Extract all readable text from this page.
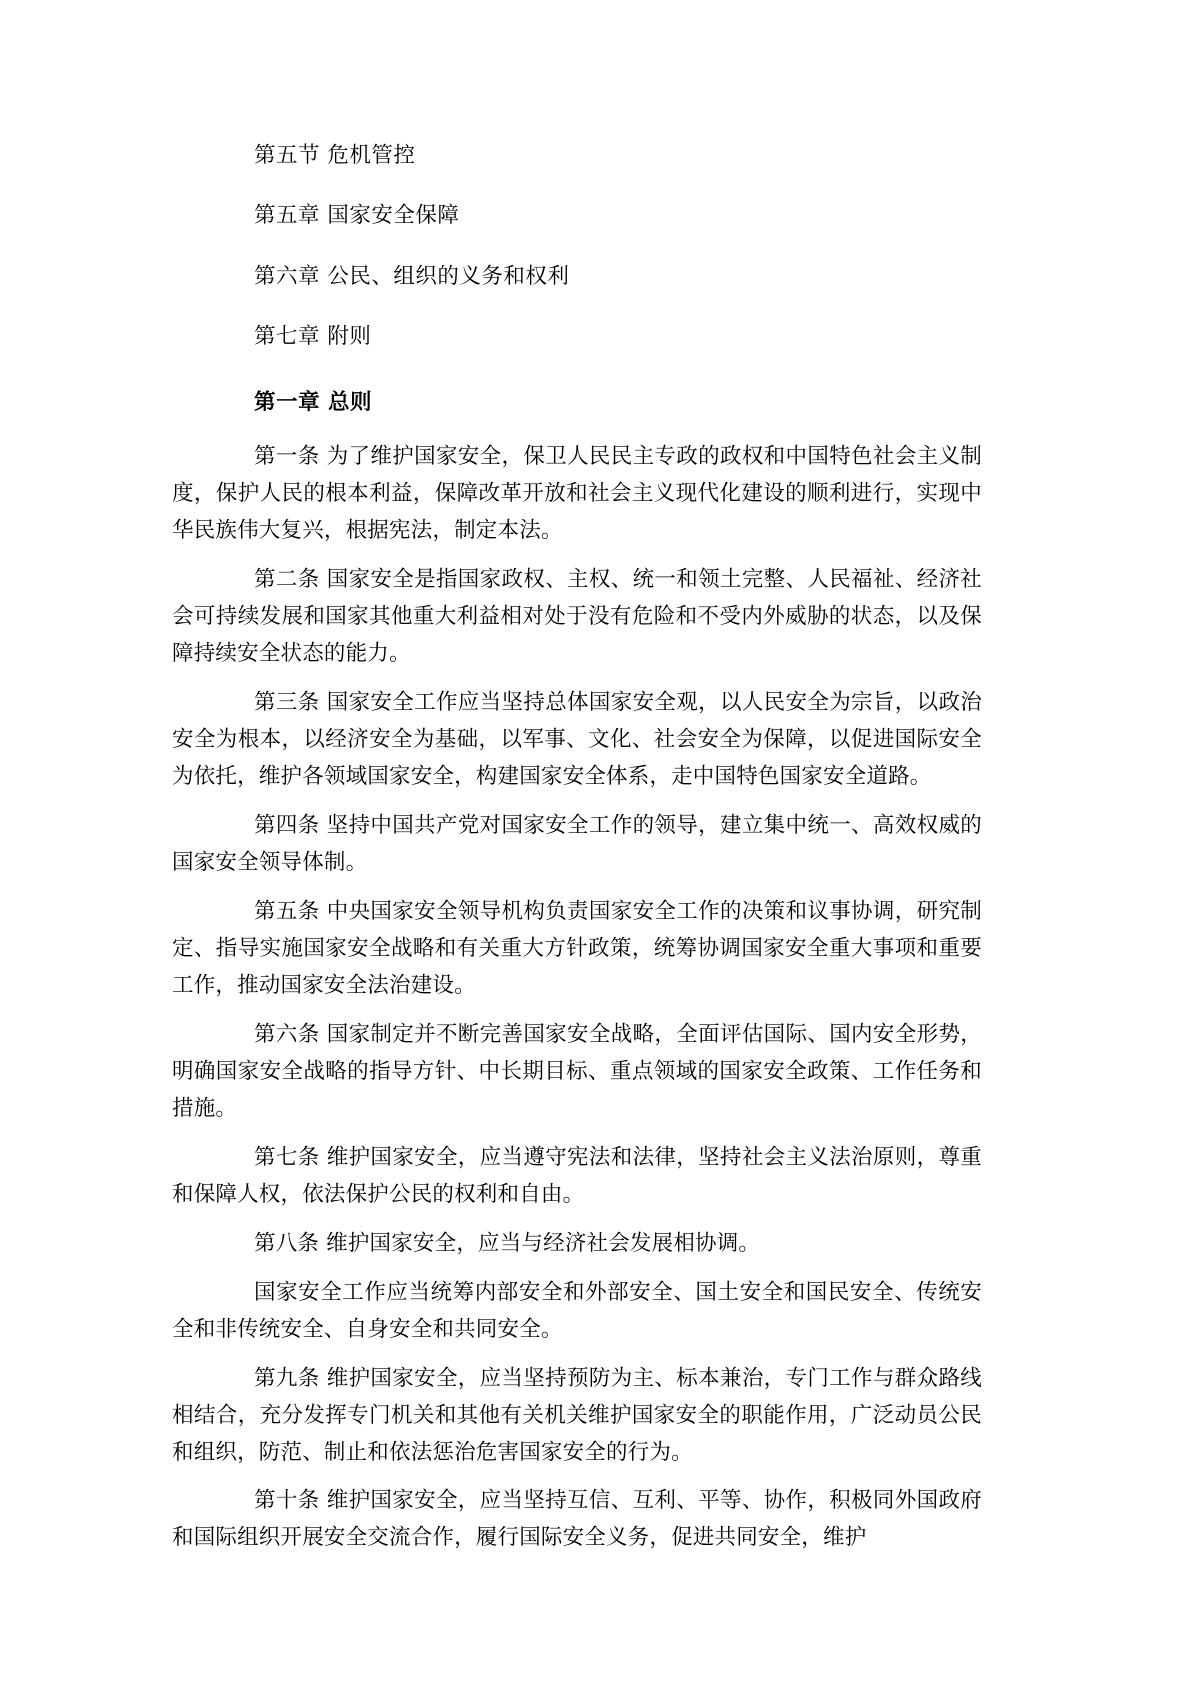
第五节 危机管控

第五章 国家安全保障

第六章 公民、组织的义务和权利

第七章 附则

第一章 总则

第一条 为了维护国家安全，保卫人民民主专政的政权和中国特色社会主义制度，保护人民的根本利益，保障改革开放和社会主义现代化建设的顺利进行，实现中华民族伟大复兴，根据宪法，制定本法。

第二条 国家安全是指国家政权、主权、统一和领土完整、人民福祉、经济社会可持续发展和国家其他重大利益相对处于没有危险和不受内外威胁的状态，以及保障持续安全状态的能力。

第三条 国家安全工作应当坚持总体国家安全观，以人民安全为宗旨，以政治安全为根本，以经济安全为基础，以军事、文化、社会安全为保障，以促进国际安全为依托，维护各领域国家安全，构建国家安全体系，走中国特色国家安全道路。

第四条 坚持中国共产党对国家安全工作的领导，建立集中统一、高效权威的国家安全领导体制。

第五条 中央国家安全领导机构负责国家安全工作的决策和议事协调，研究制定、指导实施国家安全战略和有关重大方针政策，统筹协调国家安全重大事项和重要工作，推动国家安全法治建设。

第六条 国家制定并不断完善国家安全战略，全面评估国际、国内安全形势，明确国家安全战略的指导方针、中长期目标、重点领域的国家安全政策、工作任务和措施。

第七条 维护国家安全，应当遵守宪法和法律，坚持社会主义法治原则，尊重和保障人权，依法保护公民的权利和自由。

第八条 维护国家安全，应当与经济社会发展相协调。

国家安全工作应当统筹内部安全和外部安全、国土安全和国民安全、传统安全和非传统安全、自身安全和共同安全。

第九条 维护国家安全，应当坚持预防为主、标本兼治，专门工作与群众路线相结合，充分发挥专门机关和其他有关机关维护国家安全的职能作用，广泛动员公民和组织，防范、制止和依法惩治危害国家安全的行为。

第十条 维护国家安全，应当坚持互信、互利、平等、协作，积极同外国政府和国际组织开展安全交流合作，履行国际安全义务，促进共同安全，维护
